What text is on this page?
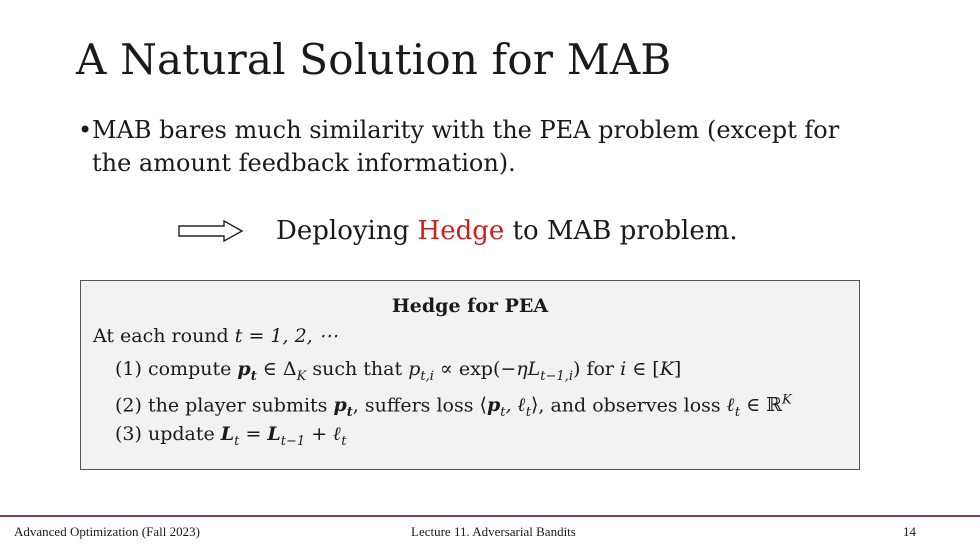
A Natural Solution for MAB
• MAB bares much similarity with the PEA problem (except for
the amount feedback information).
Deploying Hedge to MAB problem.
Hedge for PEA
At each round t = 1, 2, ⋯
(1) compute $p_t$ ∈ $\Delta_K$ such that $p_{t,i} \propto \exp(-\eta L_{t-1,i})$ for i ∈ [K]
(2) the player submits $p_t$, suffers loss $⟨p_t$, ℓ$_t$⟩, and observes loss ℓ$_t$ ∈ ℝ$^K$
(3) update $L_t = L_{t-1}$ + ℓ$_t$
Advanced Optimization (Fall 2023)	Lecture 11. Adversarial Bandits	14
